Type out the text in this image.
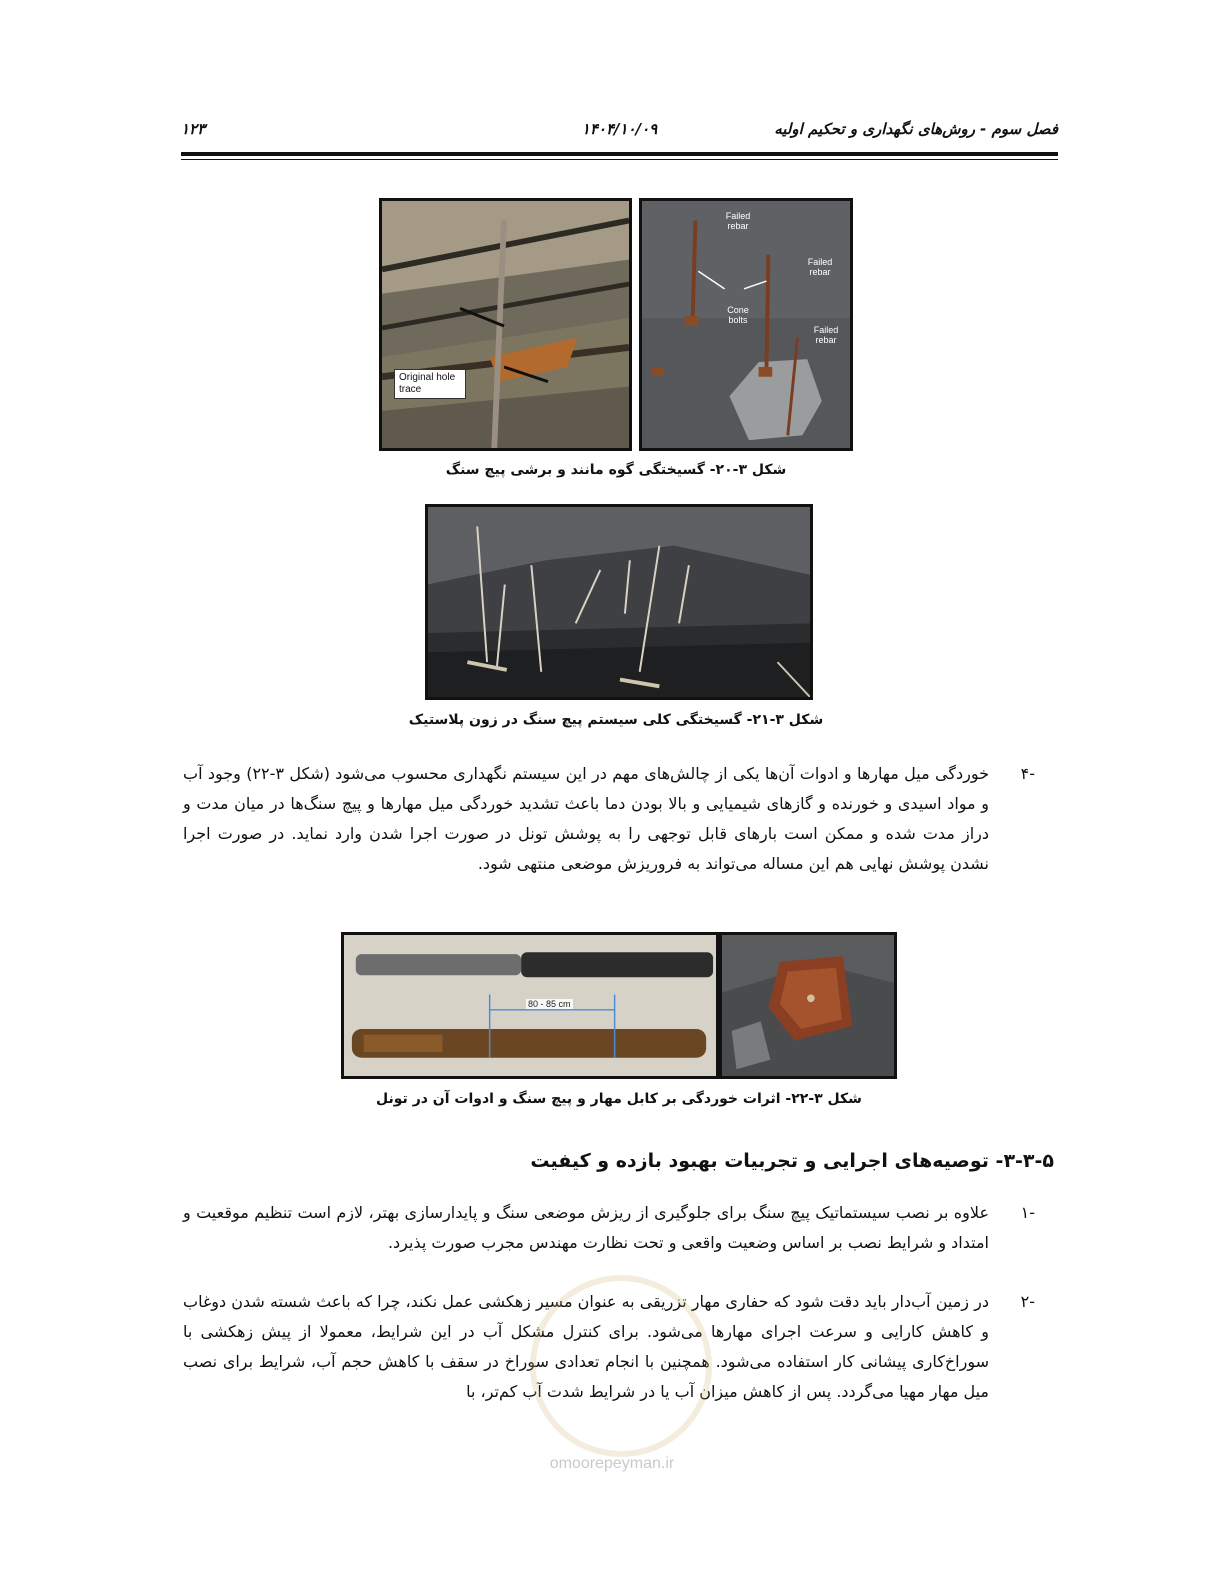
فصل سوم - روش‌های نگهداری و تحکیم اولیه
۱۴۰۴/۱۰/۰۹
۱۲۳
Original hole trace
Failed rebar
Failed rebar
Cone bolts
Failed rebar
شکل ۳-۲۰- گسیختگی گوه مانند و برشی پیچ سنگ
شکل ۳-۲۱- گسیختگی کلی سیستم پیچ سنگ در زون پلاستیک
-۴
خوردگی میل مهارها و ادوات آن‌ها یکی از چالش‌های مهم در این سیستم نگهداری محسوب می‌شود (شکل ۳-۲۲) وجود آب و مواد اسیدی و خورنده و گازهای شیمیایی و بالا بودن دما باعث تشدید خوردگی میل مهارها و پیچ سنگ‌ها در میان مدت و دراز مدت شده و ممکن است بارهای قابل توجهی را به پوشش تونل در صورت اجرا شدن وارد نماید. در صورت اجرا نشدن پوشش نهایی هم این مساله می‌تواند به فروریزش موضعی منتهی شود.
80 - 85 cm
شکل ۳-۲۲- اثرات خوردگی بر کابل مهار و پیچ سنگ و ادوات آن در تونل
۳-۳-۵- توصیه‌های اجرایی و تجربیات بهبود بازده و کیفیت
-۱
علاوه بر نصب سیستماتیک پیچ سنگ برای جلوگیری از ریزش موضعی سنگ و پایدارسازی بهتر، لازم است تنظیم موقعیت و امتداد و شرایط نصب بر اساس وضعیت واقعی و تحت نظارت مهندس مجرب صورت پذیرد.
-۲
در زمین آب‌دار باید دقت شود که حفاری مهار تزریقی به عنوان مسیر زهکشی عمل نکند، چرا که باعث شسته شدن دوغاب و کاهش کارایی و سرعت اجرای مهارها می‌شود. برای کنترل مشکل آب در این شرایط، معمولا از پیش زهکشی با سوراخ‌کاری پیشانی کار استفاده می‌شود. همچنین با انجام تعدادی سوراخ در سقف با کاهش حجم آب، شرایط برای نصب میل مهار مهیا می‌گردد. پس از کاهش میزان آب یا در شرایط شدت آب کم‌تر، با
omoorepeyman.ir
